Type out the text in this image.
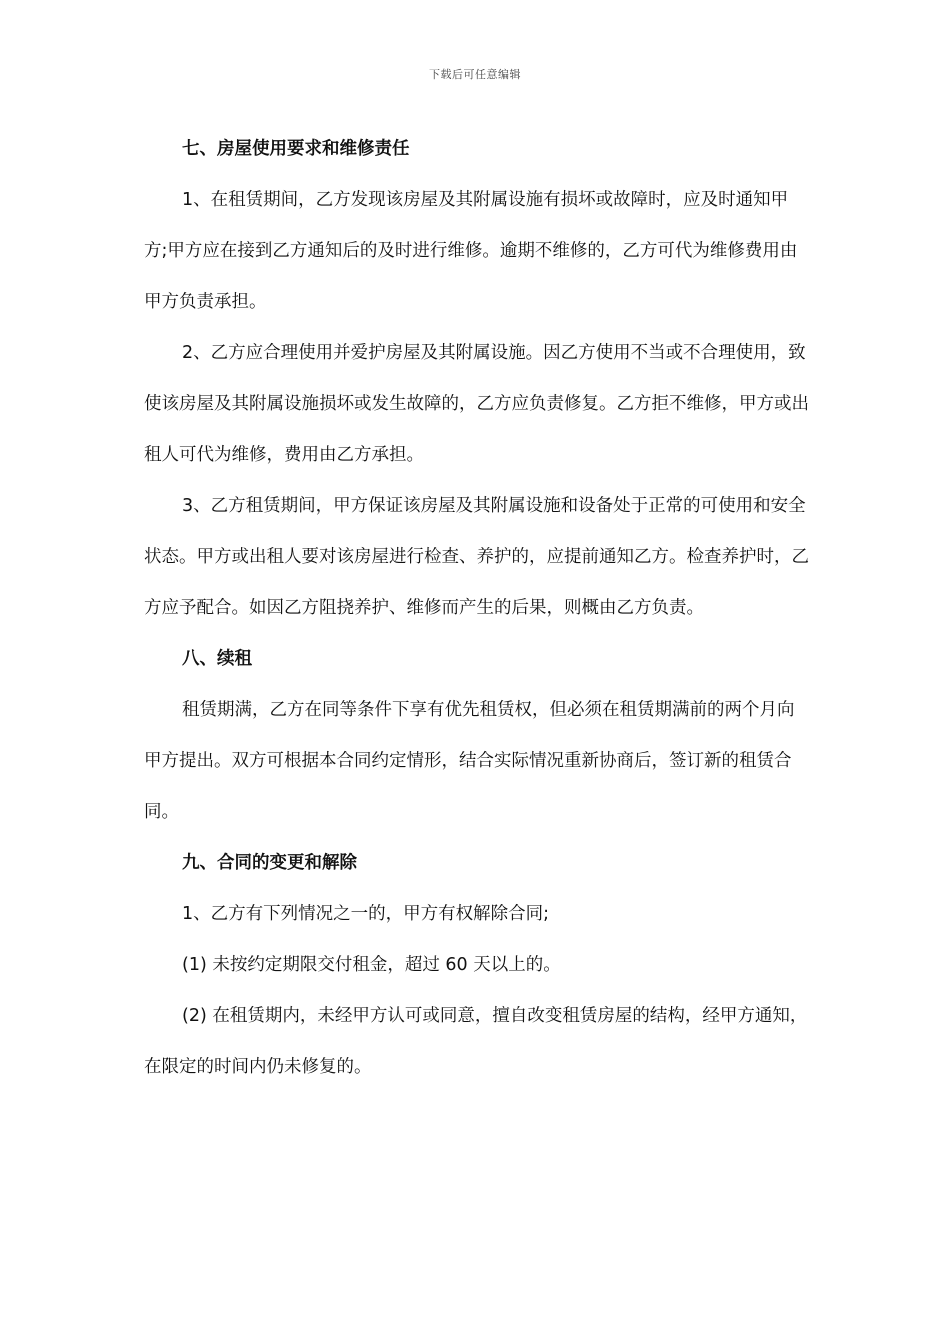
下载后可任意编辑

七、房屋使用要求和维修责任

1、在租赁期间，乙方发现该房屋及其附属设施有损坏或故障时，应及时通知甲方;甲方应在接到乙方通知后的及时进行维修。逾期不维修的，乙方可代为维修费用由甲方负责承担。

2、乙方应合理使用并爱护房屋及其附属设施。因乙方使用不当或不合理使用，致使该房屋及其附属设施损坏或发生故障的，乙方应负责修复。乙方拒不维修，甲方或出租人可代为维修，费用由乙方承担。

3、乙方租赁期间，甲方保证该房屋及其附属设施和设备处于正常的可使用和安全状态。甲方或出租人要对该房屋进行检查、养护的，应提前通知乙方。检查养护时，乙方应予配合。如因乙方阻挠养护、维修而产生的后果，则概由乙方负责。

八、续租

租赁期满，乙方在同等条件下享有优先租赁权，但必须在租赁期满前的两个月向甲方提出。双方可根据本合同约定情形，结合实际情况重新协商后，签订新的租赁合同。

九、合同的变更和解除

1、乙方有下列情况之一的，甲方有权解除合同;

(1) 未按约定期限交付租金，超过 60 天以上的。

(2) 在租赁期内，未经甲方认可或同意，擅自改变租赁房屋的结构，经甲方通知，在限定的时间内仍未修复的。
